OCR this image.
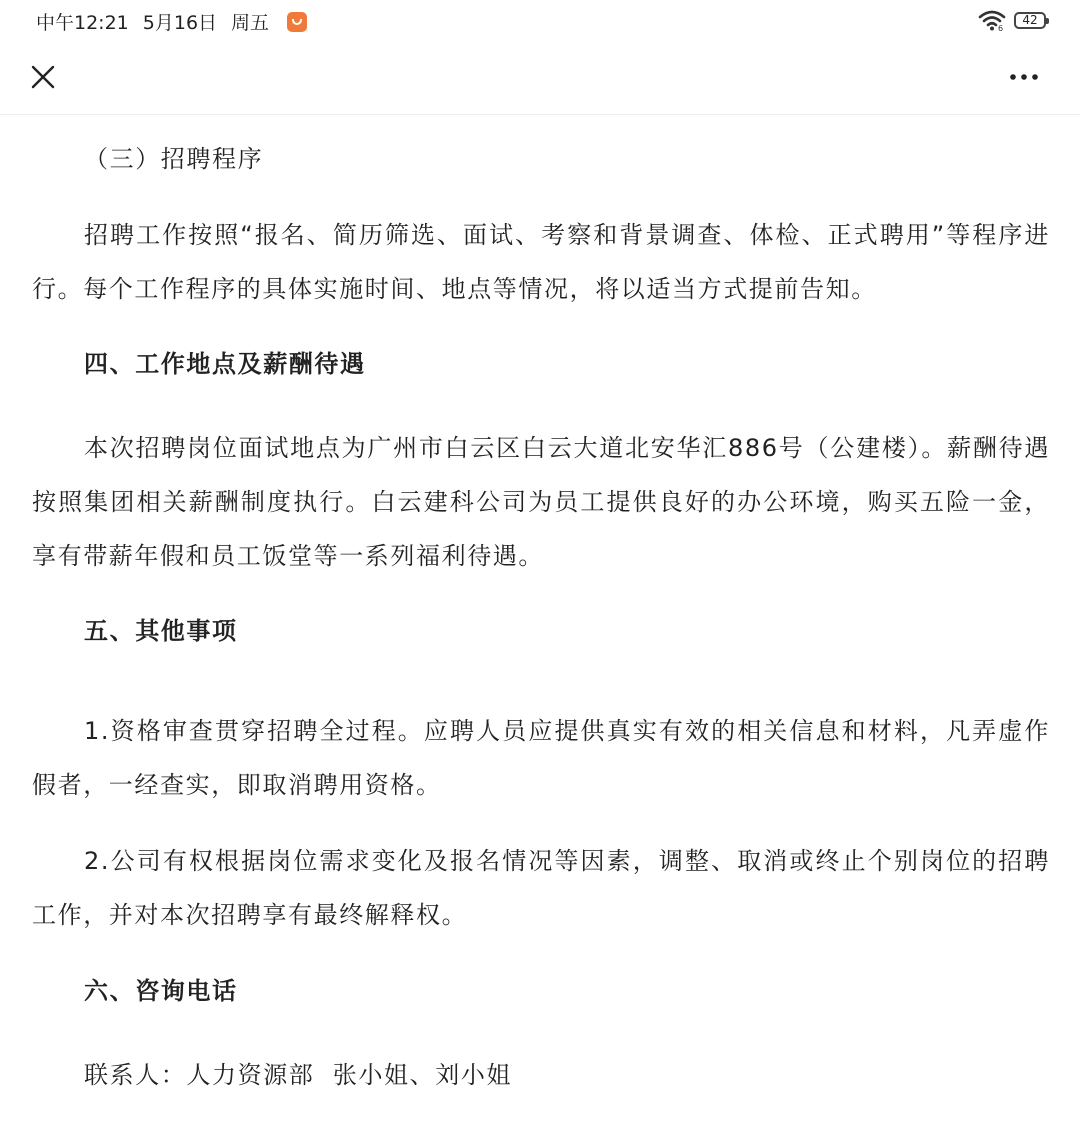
中午12:21 5月16日 周五	6
42

（三）招聘程序

招聘工作按照“报名、简历筛选、面试、考察和背景调查、体检、正式聘用”等程序进行。每个工作程序的具体实施时间、地点等情况，将以适当方式提前告知。

四、工作地点及薪酬待遇

本次招聘岗位面试地点为广州市白云区白云大道北安华汇886号（公建楼）。薪酬待遇按照集团相关薪酬制度执行。白云建科公司为员工提供良好的办公环境，购买五险一金，享有带薪年假和员工饭堂等一系列福利待遇。

五、其他事项

1.资格审查贯穿招聘全过程。应聘人员应提供真实有效的相关信息和材料，凡弄虚作假者，一经查实，即取消聘用资格。

2.公司有权根据岗位需求变化及报名情况等因素，调整、取消或终止个别岗位的招聘工作，并对本次招聘享有最终解释权。

六、咨询电话

联系人：人力资源部  张小姐、刘小姐
